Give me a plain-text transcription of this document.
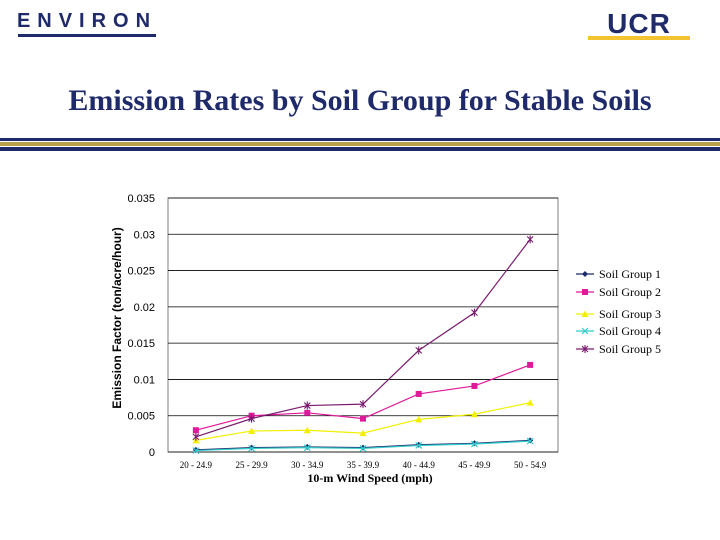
ENVIRON	UCR
Emission Rates by Soil Group for Stable Soils
0
0.005
0.01
0.015
0.02
0.025
0.03
0.035
20 - 24.9	25 - 29.9	30 - 34.9	35 - 39.9	40 - 44.9	45 - 49.9	50 - 54.9
Emission Factor (ton/acre/hour)
10-m Wind Speed (mph)
Soil Group 1
Soil Group 2
Soil Group 3
Soil Group 4
Soil Group 5
